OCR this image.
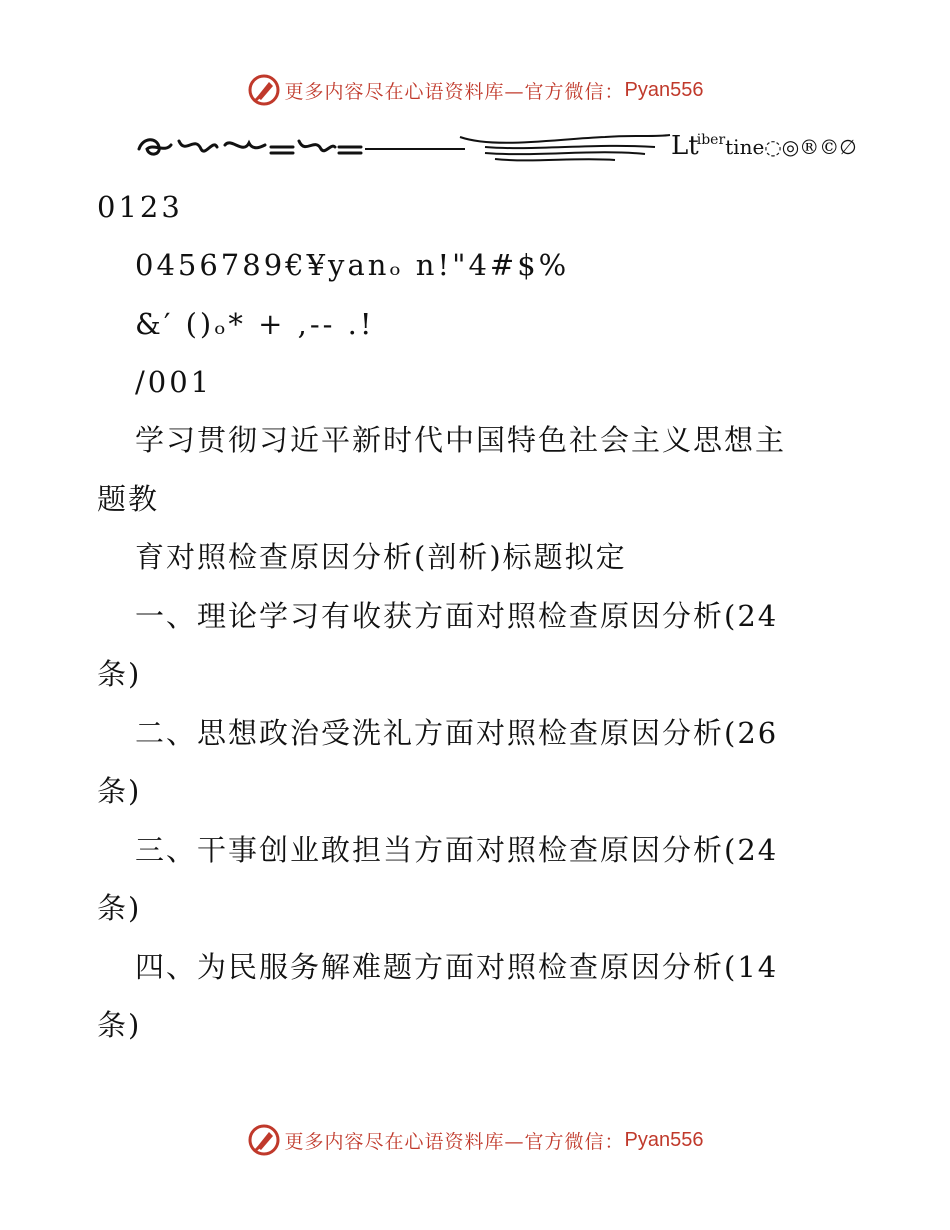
更多内容尽在心语资料库—官方微信： Pyan556
$Lt^{iber}tine◌◎®©\emptyset$
0123
0456789€¥yanₒ n!"4#$%
&′ ()ₒ* + ,-- .!
/001
学习贯彻习近平新时代中国特色社会主义思想主
题教
育对照检查原因分析(剖析)标题拟定
一、理论学习有收获方面对照检查原因分析(24
条)
二、思想政治受洗礼方面对照检查原因分析(26
条)
三、干事创业敢担当方面对照检查原因分析(24
条)
四、为民服务解难题方面对照检查原因分析(14
条)
更多内容尽在心语资料库—官方微信： Pyan556
